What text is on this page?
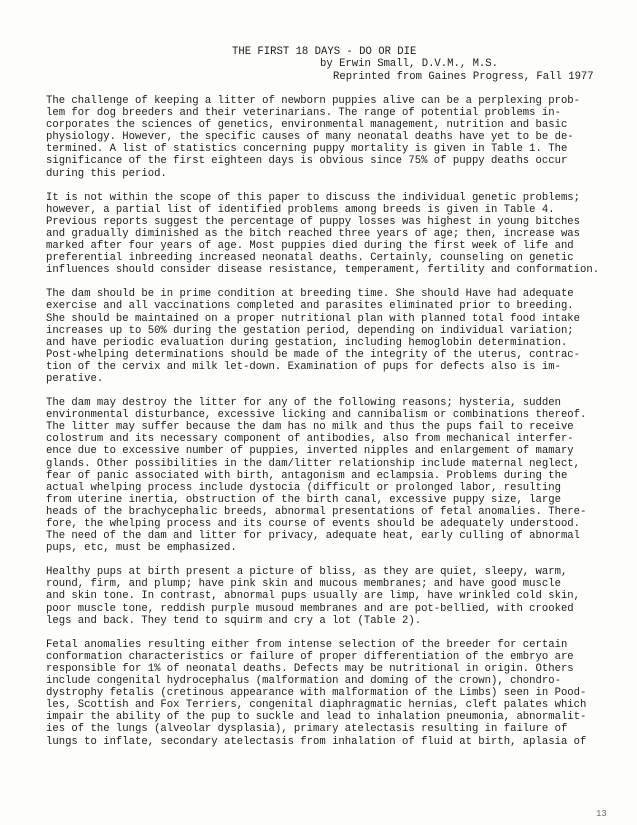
THE FIRST 18 DAYS - DO OR DIE
by Erwin Small, D.V.M., M.S.
Reprinted from Gaines Progress, Fall 1977
The challenge of keeping a litter of newborn puppies alive can be a perplexing prob-
lem for dog breeders and their veterinarians. The range of potential problems in-
corporates the sciences of genetics, environmental management, nutrition and basic
physiology. However, the specific causes of many neonatal deaths have yet to be de-
termined. A list of statistics concerning puppy mortality is given in Table 1. The
significance of the first eighteen days is obvious since 75% of puppy deaths occur
during this period.
It is not within the scope of this paper to discuss the individual genetic problems;
however, a partial list of identified problems among breeds is given in Table 4.
Previous reports suggest the percentage of puppy losses was highest in young bitches
and gradually diminished as the bitch reached three years of age; then, increase was
marked after four years of age. Most puppies died during the first week of life and
preferential inbreeding increased neonatal deaths. Certainly, counseling on genetic
influences should consider disease resistance, temperament, fertility and conformation.
The dam should be in prime condition at breeding time. She should Have had adequate
exercise and all vaccinations completed and parasites eliminated prior to breeding.
She should be maintained on a proper nutritional plan with planned total food intake
increases up to 50% during the gestation period, depending on individual variation;
and have periodic evaluation during gestation, including hemoglobin determination.
Post-whelping determinations should be made of the integrity of the uterus, contrac-
tion of the cervix and milk let-down. Examination of pups for defects also is im-
perative.
The dam may destroy the litter for any of the following reasons; hysteria, sudden
environmental disturbance, excessive licking and cannibalism or combinations thereof.
The litter may suffer because the dam has no milk and thus the pups fail to receive
colostrum and its necessary component of antibodies, also from mechanical interfer-
ence due to excessive number of puppies, inverted nipples and enlargement of mamary
glands. Other possibilities in the dam/litter relationship include maternal neglect,
fear of panic associated with birth, antagonism and eclampsia. Problems during the
actual whelping process include dystocia (difficult or prolonged labor, resulting
from uterine inertia, obstruction of the birth canal, excessive puppy size, large
heads of the brachycephalic breeds, abnormal presentations of fetal anomalies. There-
fore, the whelping process and its course of events should be adequately understood.
The need of the dam and litter for privacy, adequate heat, early culling of abnormal
pups, etc, must be emphasized.
Healthy pups at birth present a picture of bliss, as they are quiet, sleepy, warm,
round, firm, and plump; have pink skin and mucous membranes; and have good muscle
and skin tone. In contrast, abnormal pups usually are limp, have wrinkled cold skin,
poor muscle tone, reddish purple musoud membranes and are pot-bellied, with crooked
legs and back. They tend to squirm and cry a lot (Table 2).
Fetal anomalies resulting either from intense selection of the breeder for certain
conformation characteristics or failure of proper differentiation of the embryo are
responsible for 1% of neonatal deaths. Defects may be nutritional in origin. Others
include congenital hydrocephalus (malformation and doming of the crown), chondro-
dystrophy fetalis (cretinous appearance with malformation of the Limbs) seen in Pood-
les, Scottish and Fox Terriers, congenital diaphragmatic hernias, cleft palates which
impair the ability of the pup to suckle and lead to inhalation pneumonia, abnormalit-
ies of the lungs (alveolar dysplasia), primary atelectasis resulting in failure of
lungs to inflate, secondary atelectasis from inhalation of fluid at birth, aplasia of
13
